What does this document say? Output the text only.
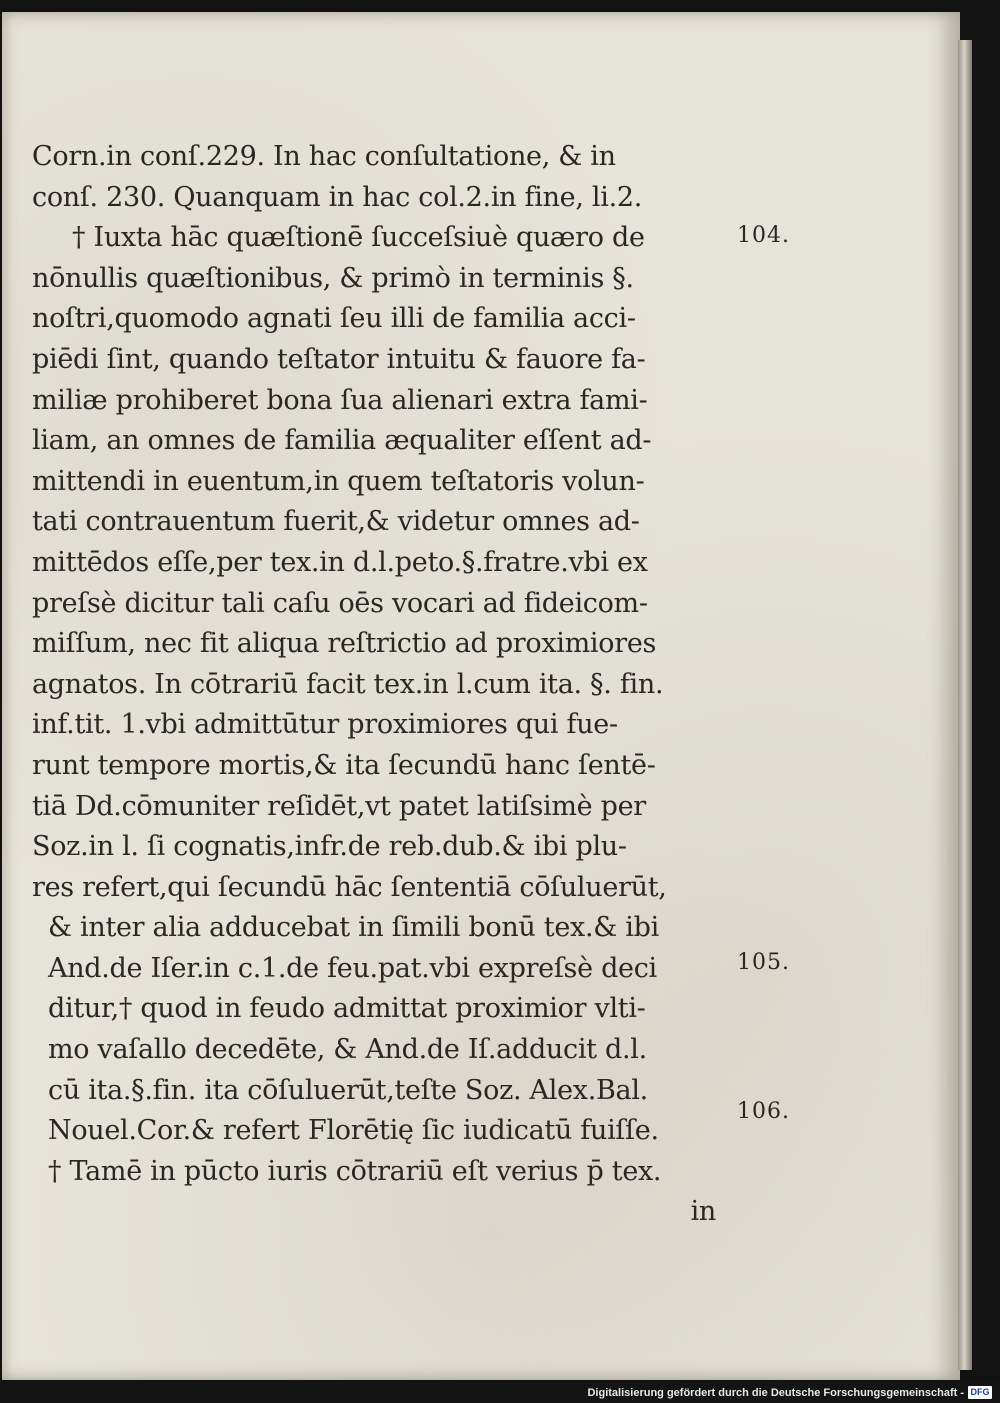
Corn.in conſ.229. In hac conſultatione, & in
conſ. 230. Quanquam in hac col.2.in fine, li.2.
† Iuxta hāc quæſtionē ſucceſsiuè quæro de
nōnullis quæſtionibus, & primò in terminis §.
noſtri,quomodo agnati ſeu illi de familia acci-
piēdi ſint, quando teſtator intuitu & fauore fa-
miliæ prohiberet bona ſua alienari extra fami-
liam, an omnes de familia æqualiter eſſent ad-
mittendi in euentum,in quem teſtatoris volun-
tati contrauentum fuerit,& videtur omnes ad-
mittēdos eſſe,per tex.in d.l.peto.§.fratre.vbi ex
preſsè dicitur tali caſu oēs vocari ad fideicom-
miſſum, nec fit aliqua reſtrictio ad proximiores
agnatos. In cōtrariū facit tex.in l.cum ita. §. fin.
inf.tit. 1.vbi admittūtur proximiores qui fue-
runt tempore mortis,& ita ſecundū hanc ſentē-
tiā Dd.cōmuniter reſidēt,vt patet latiſsimè per
Soz.in l. ſi cognatis,infr.de reb.dub.& ibi plu-
res refert,qui ſecundū hāc ſententiā cōſuluerūt,
& inter alia adducebat in ſimili bonū tex.& ibi
And.de Iſer.in c.1.de feu.pat.vbi expreſsè deci
ditur,† quod in feudo admittat proximior vlti-
mo vaſallo decedēte, & And.de Iſ.adducit d.l.
cū ita.§.fin. ita cōſuluerūt,teſte Soz. Alex.Bal.
Nouel.Cor.& refert Florētię ſic iudicatū fuiſſe.
† Tamē in pūcto iuris cōtrariū eſt verius p̄ tex.
in
104.
105.
106.
Digitalisierung gefördert durch die Deutsche Forschungsgemeinschaft - DFG
